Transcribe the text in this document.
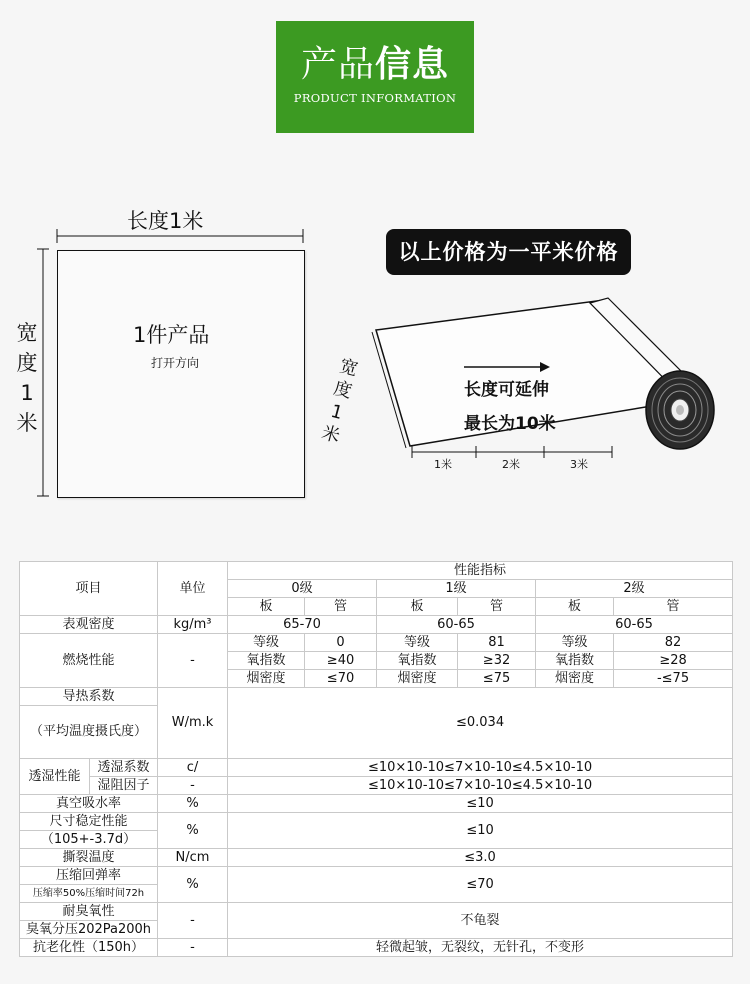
产品信息
PRODUCT INFORMATION
长度1米
1件产品
打开方向
宽
度
1
米
以上价格为一平米价格
长度可延伸
最长为10米
宽
度
1
米
1米	2米	3米
项目		单位	性能指标					
			0级		1级		2级	
			板	管	板	管	板	管
表观密度		kg/m³	65-70		60-65		60-65	
燃烧性能		-	等级	0	等级	81	等级	82
			氧指数	≥40	氧指数	≥32	氧指数	≥28
			烟密度	≤70	烟密度	≤75	烟密度	-≤75
导热系数		W/m.k	≤0.034					
（平均温度摄氏度）								
透湿性能	透湿系数	c/	≤10×10-10≤7×10-10≤4.5×10-10					
	湿阻因子	-	≤10×10-10≤7×10-10≤4.5×10-10					
真空吸水率		%	≤10					
尺寸稳定性能		%	≤10					
（105+-3.7d）								
撕裂温度		N/cm	≤3.0					
压缩回弹率		%	≤70					
压缩率50%压缩时间72h								
耐臭氧性		-	不龟裂					
臭氧分压202Pa200h								
抗老化性（150h）		-	轻微起皱，无裂纹，无针孔，不变形					
